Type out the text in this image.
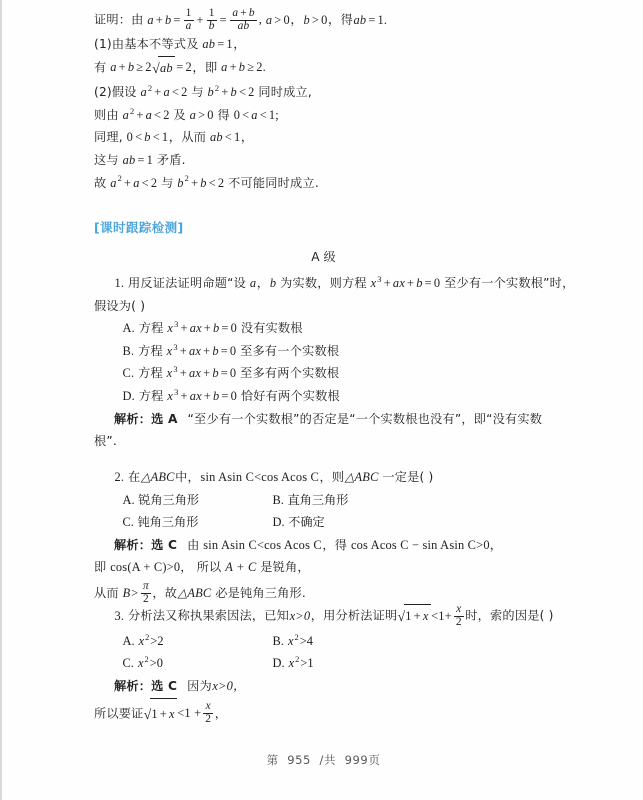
证明：由 $a + b = \frac{1}{a} + \frac{1}{b} = \frac{a + b}{ab}$ , a > 0，b > 0，得ab = 1.
(1)由基本不等式及 ab = 1，
有 a + b ≥ 2√ab = 2，即 a + b ≥ 2.
(2)假设 $a^2 + a < 2$ 与 $b^2 + b < 2$ 同时成立,
则由 $a^2 + a < 2$ 及 a > 0 得 0 < a < 1;
同理, 0 < b < 1，从而 ab < 1，
这与 ab = 1 矛盾.
故 $a^2 + a < 2$ 与 $b^2 + b < 2$ 不可能同时成立.
[课时跟踪检测]
A 级
1. 用反证法证明命题“设 a，b 为实数，则方程 $x^3$ + ax + b = 0 至少有一个实数根”时，
假设为( )
A. 方程 $x^3$ + ax + b = 0 没有实数根
B. 方程 $x^3$ + ax + b = 0 至多有一个实数根
C. 方程 $x^3$ + ax + b = 0 至多有两个实数根
D. 方程 $x^3$ + ax + b = 0 恰好有两个实数根
解析：选 A “至少有一个实数根”的否定是“一个实数根也没有”，即“没有实数
根”.
2. 在△ABC中，sin Asin C<cos Acos C，则△ABC 一定是( )
A. 锐角三角形	B. 直角三角形
C. 钝角三角形	D. 不确定
解析：选 C 由 sin Asin C<cos Acos C，得 cos Acos C − sin Asin C>0，
即 cos(A + C)>0， 所以 A + C 是锐角，
从而 $B> \frac{\pi}{2}$ ，故△ABC 必是钝角三角形.
3. 分析法又称执果索因法，已知x>0，用分析法证明$√1 + x <1+ \frac{x}{2}$ 时，索的因是( )
A. $x^2>2$	B. $x^2>4$
C. $x^2>0$	D. $x^2>1$
解析：选 C 因为x>0，
所以要证$√1 + x <1 + \frac{x}{2}$ ，
第 955 /共 999页
